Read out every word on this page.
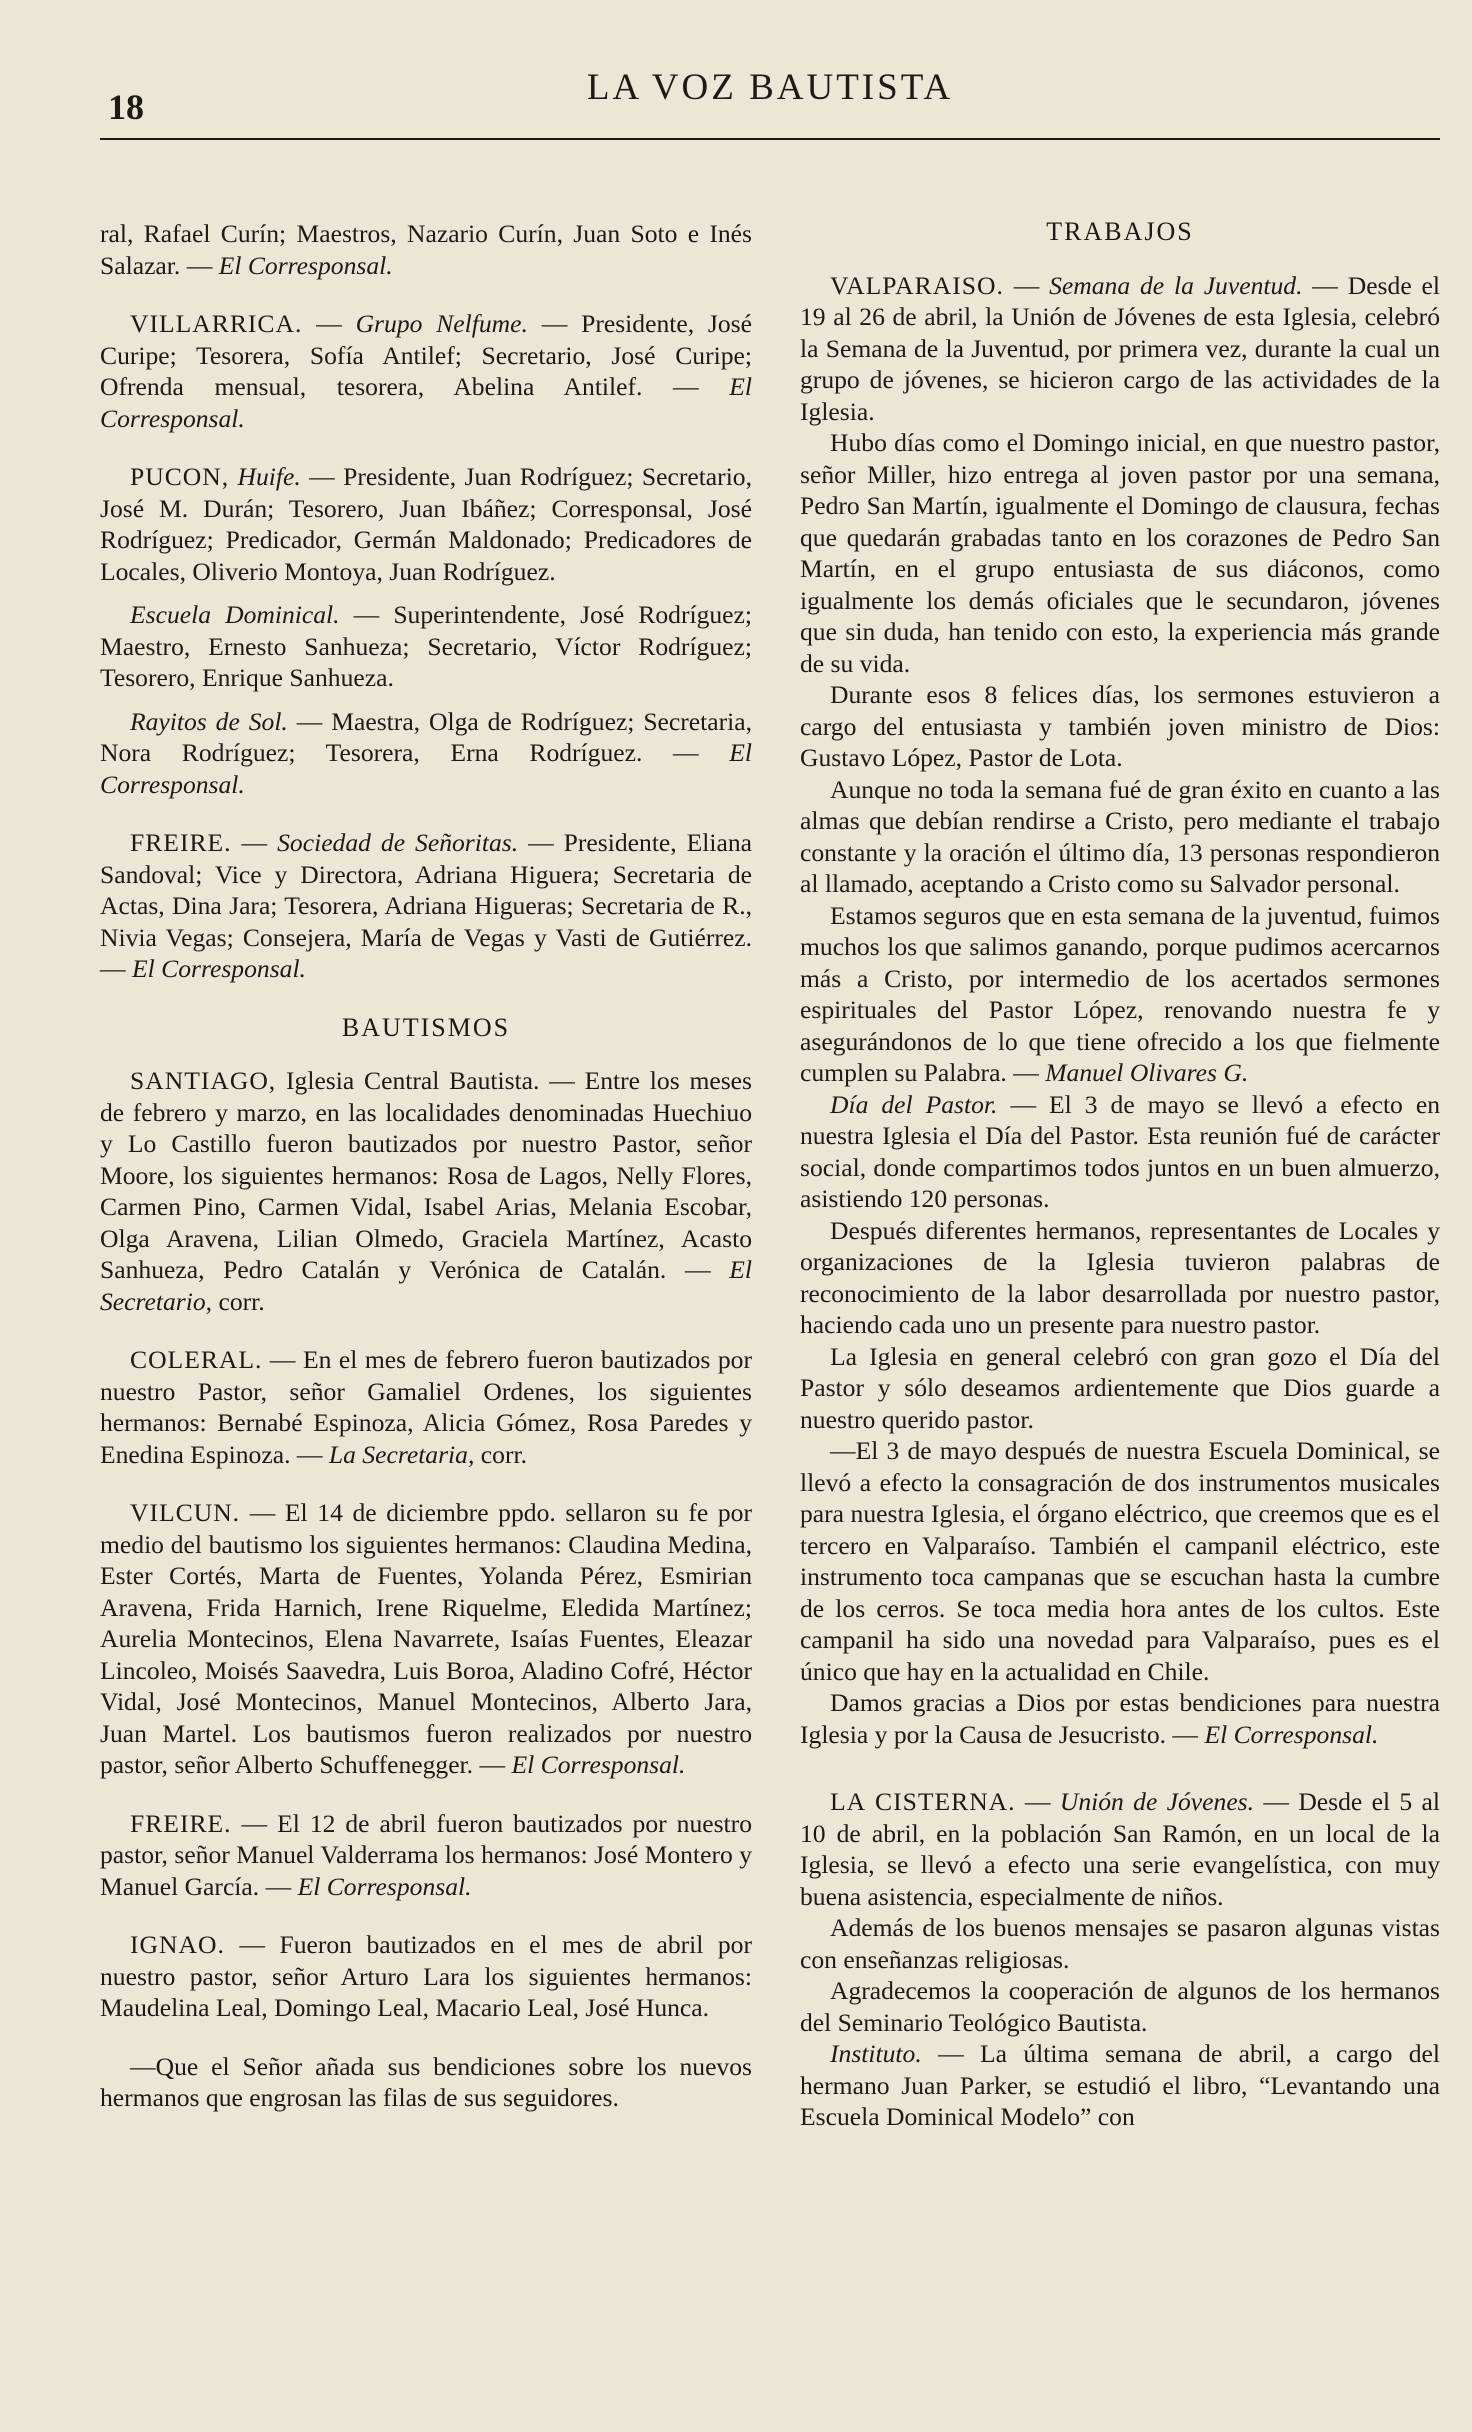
18	LA VOZ BAUTISTA

ral, Rafael Curín; Maestros, Nazario Curín, Juan Soto e Inés Salazar. — El Corresponsal.

VILLARRICA. — Grupo Nelfume. — Presidente, José Curipe; Tesorera, Sofía Antilef; Secretario, José Curipe; Ofrenda mensual, tesorera, Abelina Antilef. — El Corresponsal.

PUCON, Huife. — Presidente, Juan Rodríguez; Secretario, José M. Durán; Tesorero, Juan Ibáñez; Corresponsal, José Rodríguez; Predicador, Germán Maldonado; Predicadores de Locales, Oliverio Montoya, Juan Rodríguez.

Escuela Dominical. — Superintendente, José Rodríguez; Maestro, Ernesto Sanhueza; Secretario, Víctor Rodríguez; Tesorero, Enrique Sanhueza.

Rayitos de Sol. — Maestra, Olga de Rodríguez; Secretaria, Nora Rodríguez; Tesorera, Erna Rodríguez. — El Corresponsal.

FREIRE. — Sociedad de Señoritas. — Presidente, Eliana Sandoval; Vice y Directora, Adriana Higuera; Secretaria de Actas, Dina Jara; Tesorera, Adriana Higueras; Secretaria de R., Nivia Vegas; Consejera, María de Vegas y Vasti de Gutiérrez. — El Corresponsal.

BAUTISMOS

SANTIAGO, Iglesia Central Bautista. — Entre los meses de febrero y marzo, en las localidades denominadas Huechiuo y Lo Castillo fueron bautizados por nuestro Pastor, señor Moore, los siguientes hermanos: Rosa de Lagos, Nelly Flores, Carmen Pino, Carmen Vidal, Isabel Arias, Melania Escobar, Olga Aravena, Lilian Olmedo, Graciela Martínez, Acasto Sanhueza, Pedro Catalán y Verónica de Catalán. — El Secretario, corr.

COLERAL. — En el mes de febrero fueron bautizados por nuestro Pastor, señor Gamaliel Ordenes, los siguientes hermanos: Bernabé Espinoza, Alicia Gómez, Rosa Paredes y Enedina Espinoza. — La Secretaria, corr.

VILCUN. — El 14 de diciembre ppdo. sellaron su fe por medio del bautismo los siguientes hermanos: Claudina Medina, Ester Cortés, Marta de Fuentes, Yolanda Pérez, Esmirian Aravena, Frida Harnich, Irene Riquelme, Eledida Martínez; Aurelia Montecinos, Elena Navarrete, Isaías Fuentes, Eleazar Lincoleo, Moisés Saavedra, Luis Boroa, Aladino Cofré, Héctor Vidal, José Montecinos, Manuel Montecinos, Alberto Jara, Juan Martel. Los bautismos fueron realizados por nuestro pastor, señor Alberto Schuffenegger. — El Corresponsal.

FREIRE. — El 12 de abril fueron bautizados por nuestro pastor, señor Manuel Valderrama los hermanos: José Montero y Manuel García. — El Corresponsal.

IGNAO. — Fueron bautizados en el mes de abril por nuestro pastor, señor Arturo Lara los siguientes hermanos: Maudelina Leal, Domingo Leal, Macario Leal, José Hunca.

—Que el Señor añada sus bendiciones sobre los nuevos hermanos que engrosan las filas de sus seguidores.

TRABAJOS

VALPARAISO. — Semana de la Juventud. — Desde el 19 al 26 de abril, la Unión de Jóvenes de esta Iglesia, celebró la Semana de la Juventud, por primera vez, durante la cual un grupo de jóvenes, se hicieron cargo de las actividades de la Iglesia.

Hubo días como el Domingo inicial, en que nuestro pastor, señor Miller, hizo entrega al joven pastor por una semana, Pedro San Martín, igualmente el Domingo de clausura, fechas que quedarán grabadas tanto en los corazones de Pedro San Martín, en el grupo entusiasta de sus diáconos, como igualmente los demás oficiales que le secundaron, jóvenes que sin duda, han tenido con esto, la experiencia más grande de su vida.

Durante esos 8 felices días, los sermones estuvieron a cargo del entusiasta y también joven ministro de Dios: Gustavo López, Pastor de Lota.

Aunque no toda la semana fué de gran éxito en cuanto a las almas que debían rendirse a Cristo, pero mediante el trabajo constante y la oración el último día, 13 personas respondieron al llamado, aceptando a Cristo como su Salvador personal.

Estamos seguros que en esta semana de la juventud, fuimos muchos los que salimos ganando, porque pudimos acercarnos más a Cristo, por intermedio de los acertados sermones espirituales del Pastor López, renovando nuestra fe y asegurándonos de lo que tiene ofrecido a los que fielmente cumplen su Palabra. — Manuel Olivares G.

Día del Pastor. — El 3 de mayo se llevó a efecto en nuestra Iglesia el Día del Pastor. Esta reunión fué de carácter social, donde compartimos todos juntos en un buen almuerzo, asistiendo 120 personas.

Después diferentes hermanos, representantes de Locales y organizaciones de la Iglesia tuvieron palabras de reconocimiento de la labor desarrollada por nuestro pastor, haciendo cada uno un presente para nuestro pastor.

La Iglesia en general celebró con gran gozo el Día del Pastor y sólo deseamos ardientemente que Dios guarde a nuestro querido pastor.

—El 3 de mayo después de nuestra Escuela Dominical, se llevó a efecto la consagración de dos instrumentos musicales para nuestra Iglesia, el órgano eléctrico, que creemos que es el tercero en Valparaíso. También el campanil eléctrico, este instrumento toca campanas que se escuchan hasta la cumbre de los cerros. Se toca media hora antes de los cultos. Este campanil ha sido una novedad para Valparaíso, pues es el único que hay en la actualidad en Chile.

Damos gracias a Dios por estas bendiciones para nuestra Iglesia y por la Causa de Jesucristo. — El Corresponsal.

LA CISTERNA. — Unión de Jóvenes. — Desde el 5 al 10 de abril, en la población San Ramón, en un local de la Iglesia, se llevó a efecto una serie evangelística, con muy buena asistencia, especialmente de niños.

Además de los buenos mensajes se pasaron algunas vistas con enseñanzas religiosas.

Agradecemos la cooperación de algunos de los hermanos del Seminario Teológico Bautista.

Instituto. — La última semana de abril, a cargo del hermano Juan Parker, se estudió el libro, “Levantando una Escuela Dominical Modelo” con
